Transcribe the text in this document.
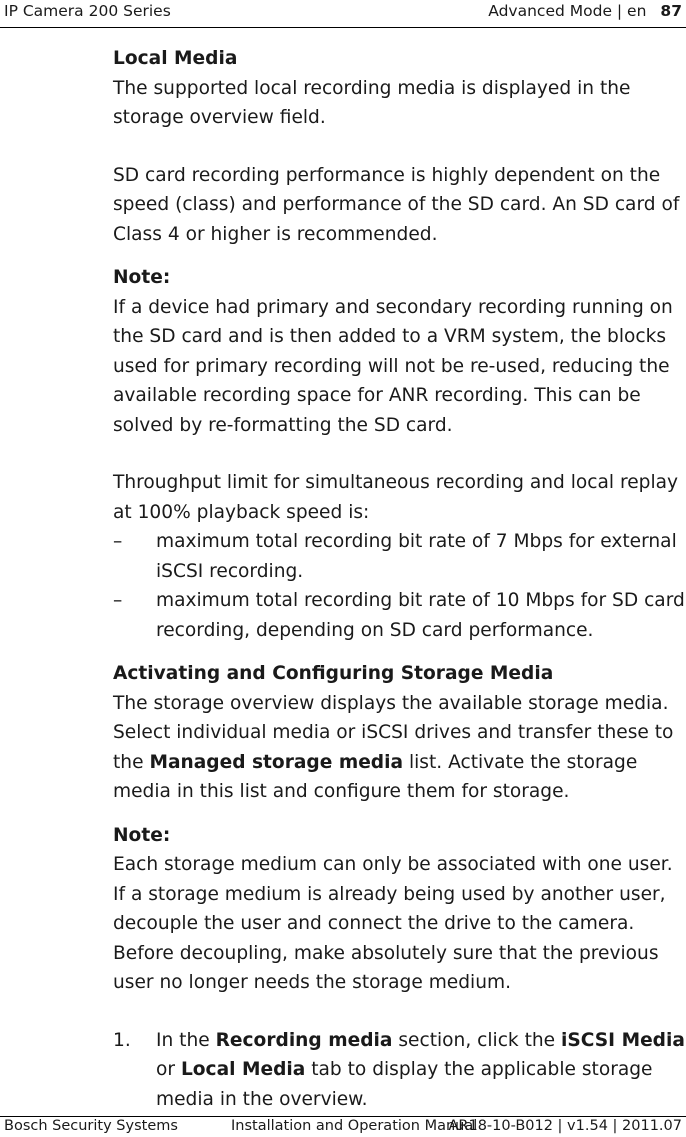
IP Camera 200 Series	Advanced Mode | en 87

Local Media

The supported local recording media is displayed in the storage overview field.

SD card recording performance is highly dependent on the speed (class) and performance of the SD card. An SD card of Class 4 or higher is recommended.

Note:

If a device had primary and secondary recording running on the SD card and is then added to a VRM system, the blocks used for primary recording will not be re-used, reducing the available recording space for ANR recording. This can be solved by re-formatting the SD card.

Throughput limit for simultaneous recording and local replay at 100% playback speed is:

– maximum total recording bit rate of 7 Mbps for external iSCSI recording.
– maximum total recording bit rate of 10 Mbps for SD card recording, depending on SD card performance.

Activating and Configuring Storage Media

The storage overview displays the available storage media.

Select individual media or iSCSI drives and transfer these to the Managed storage media list. Activate the storage media in this list and configure them for storage.

Note:

Each storage medium can only be associated with one user. If a storage medium is already being used by another user, decouple the user and connect the drive to the camera. Before decoupling, make absolutely sure that the previous user no longer needs the storage medium.

1. In the Recording media section, click the iSCSI Media or Local Media tab to display the applicable storage media in the overview.
Bosch Security Systems	Installation and Operation Manual
AR18-10-B012 | v1.54 | 2011.07
